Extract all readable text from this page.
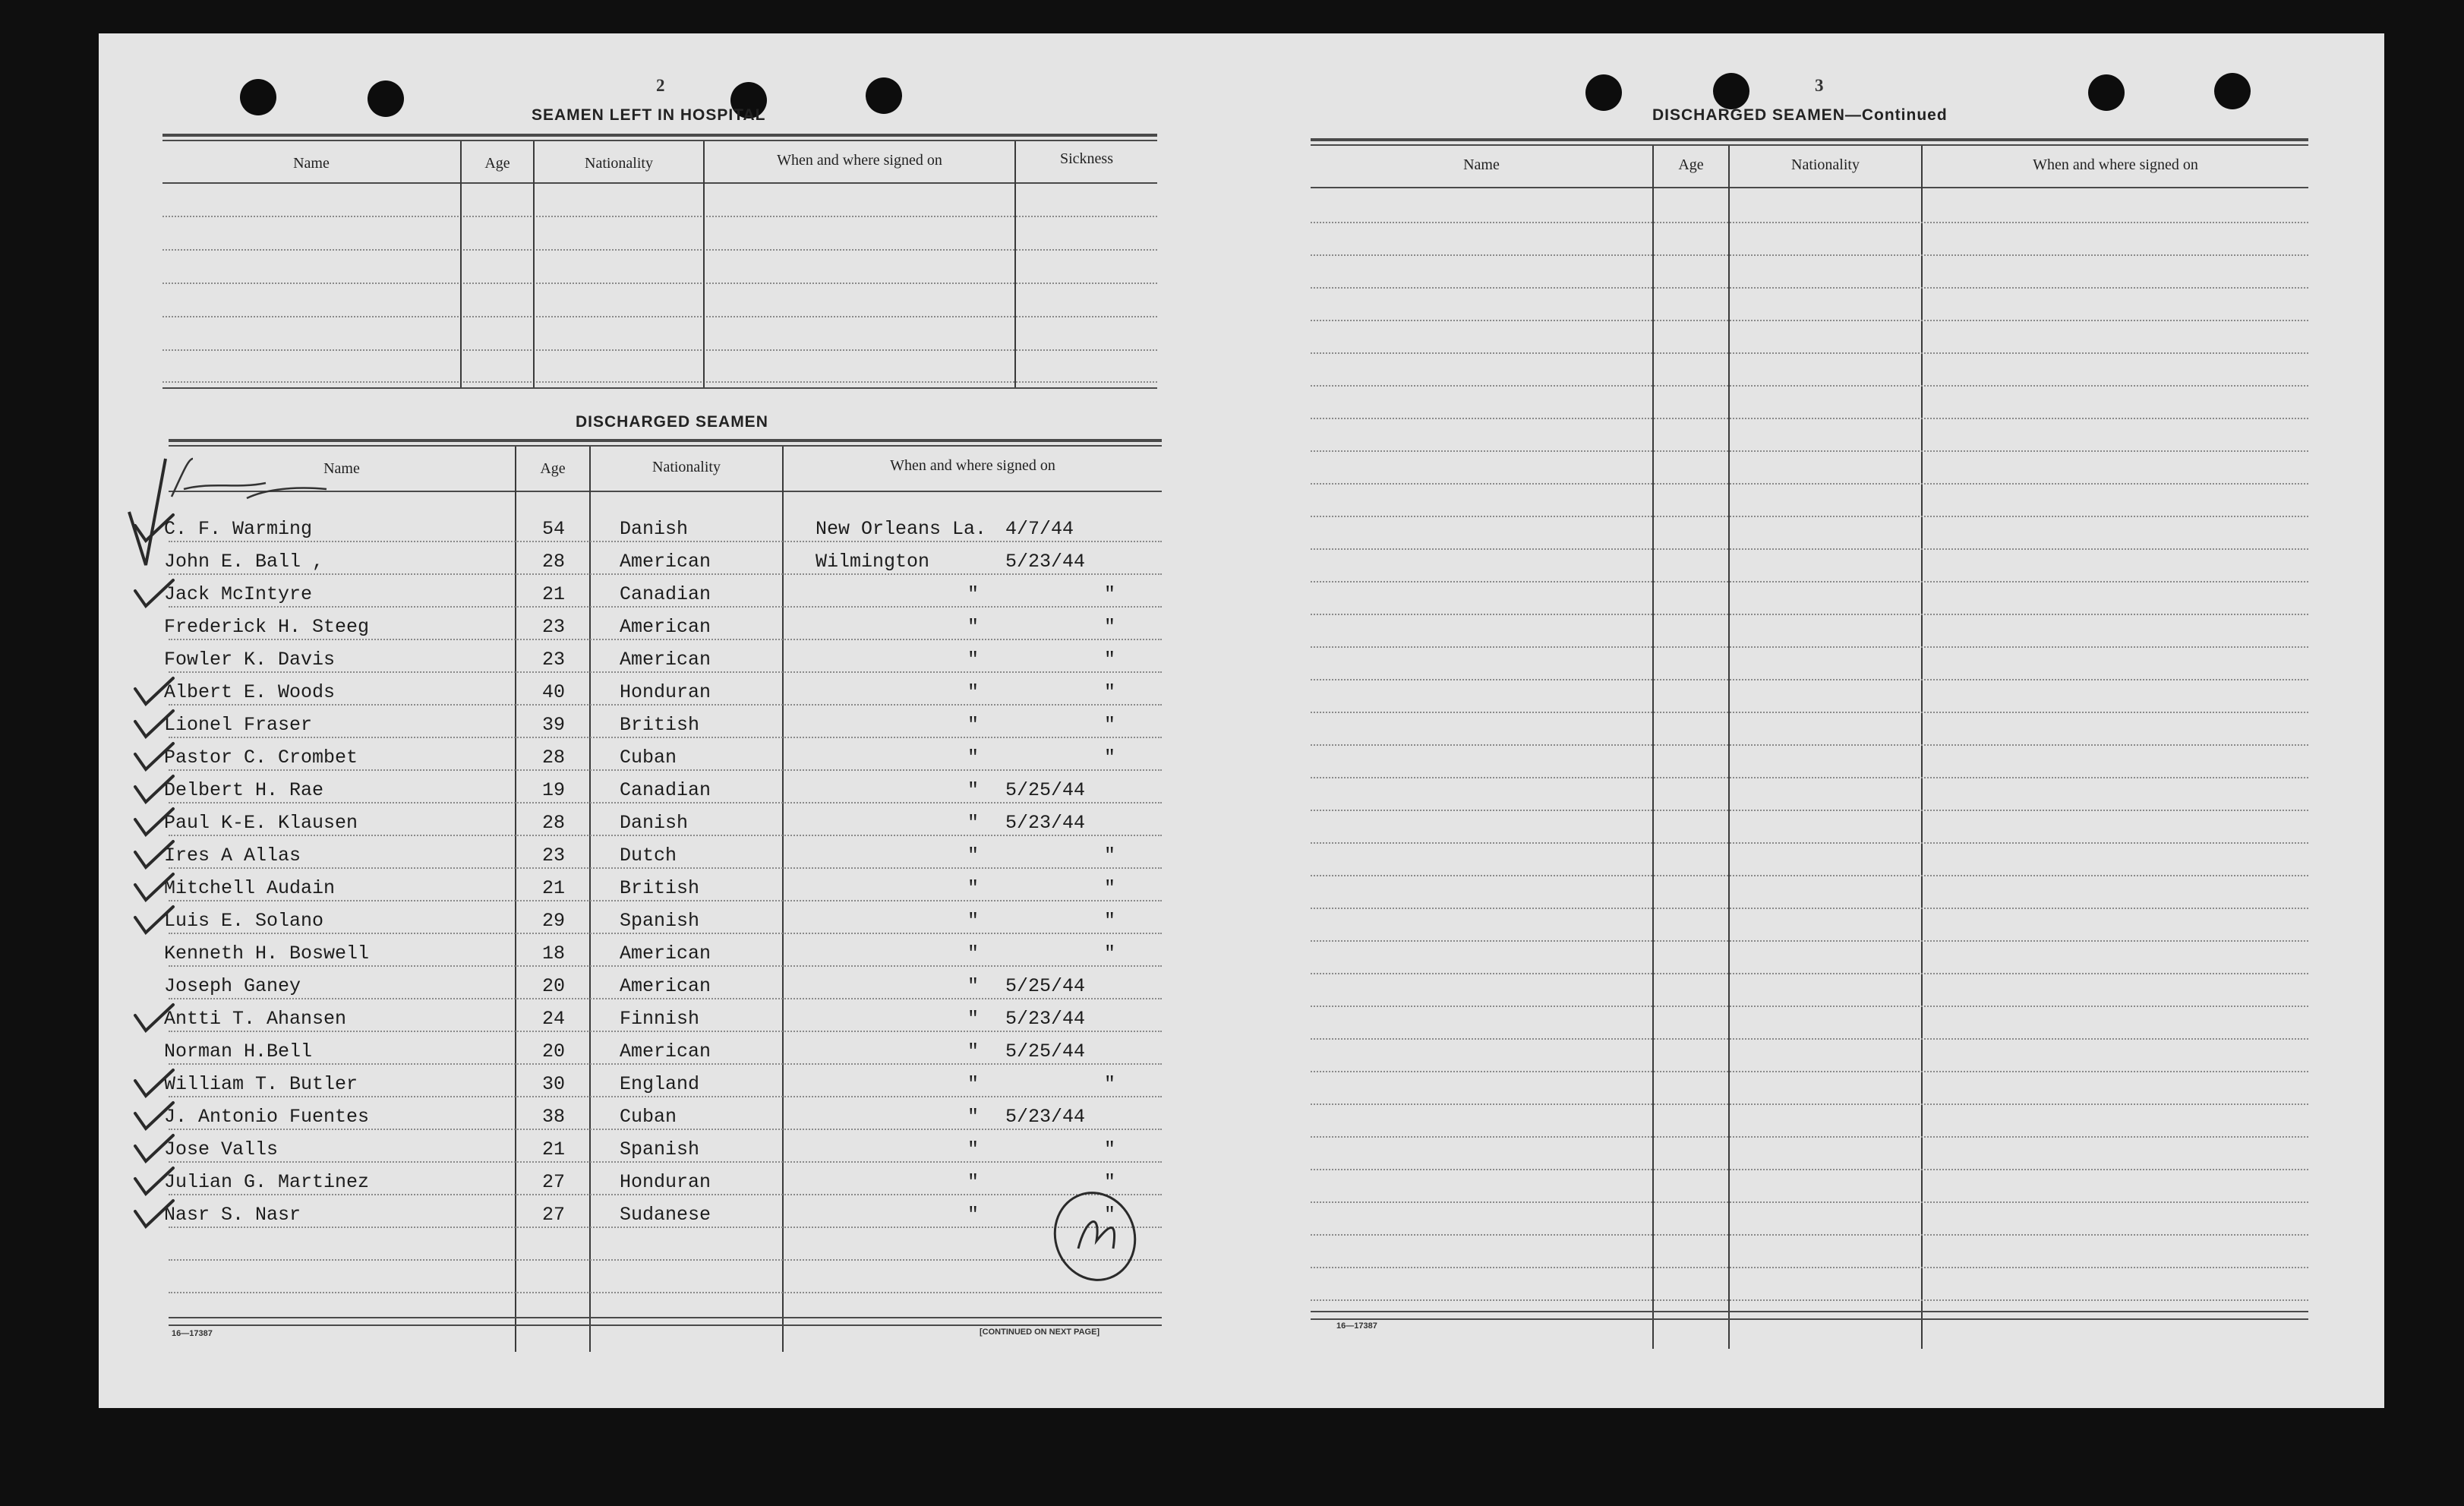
2
SEAMEN LEFT IN HOSPITAL
Name	Age	Nationality	When and where signed on	Sickness
DISCHARGED SEAMEN
Name	Age	Nationality	When and where signed on
C. F. Warming	54	Danish	New Orleans La. 4/7/44
John E. Ball ,	28	American	Wilmington	5/23/44
Jack McIntyre	21	Canadian	"	"
Frederick H. Steeg	23	American	"	"
Fowler K. Davis	23	American	"	"
Albert E. Woods	40	Honduran	"	"
Lionel Fraser	39	British	"	"
Pastor C. Crombet	28	Cuban	"	"
Delbert H. Rae	19	Canadian	" 5/25/44
Paul K-E. Klausen	28	Danish	" 5/23/44
Ires A Allas	23	Dutch	"	"
Mitchell Audain	21	British	"	"
Luis E. Solano	29	Spanish	"	"
Kenneth H. Boswell	18	American	"	"
Joseph Ganey	20	American	" 5/25/44
Antti T. Ahansen	24	Finnish	" 5/23/44
Norman H.Bell	20	American	" 5/25/44
William T. Butler	30	England	"	"
J. Antonio Fuentes	38	Cuban	" 5/23/44
Jose Valls	21	Spanish	"	"
Julian G. Martinez	27	Honduran	"	"
Nasr S. Nasr	27	Sudanese	"	"
16—17387	[CONTINUED ON NEXT PAGE]
3
DISCHARGED SEAMEN—Continued
Name	Age	Nationality	When and where signed on
16—17387
